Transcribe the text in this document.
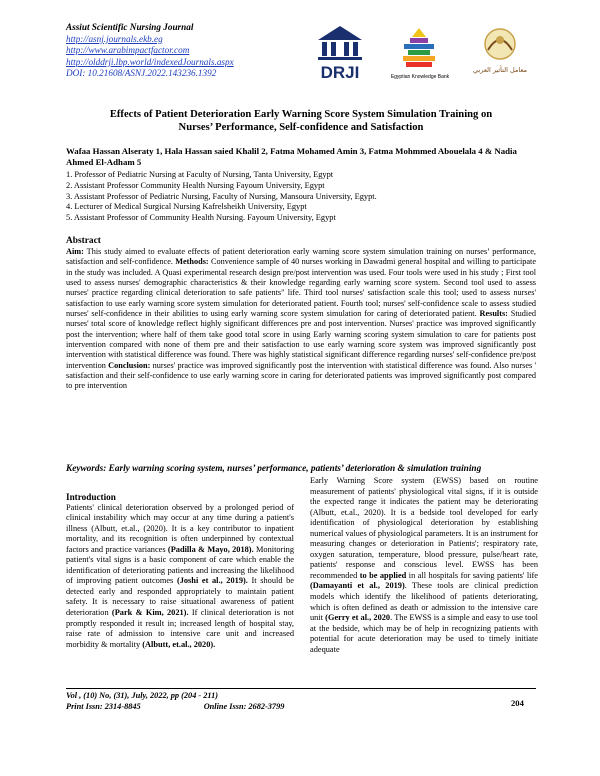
Assiut Scientific Nursing Journal
http://asnj.journals.ekb.eg
http://www.arabimpactfactor.com
http://olddrji.lbp.world/indexedJournals.aspx
DOI: 10.21608/ASNJ.2022.143236.1392	DRJI	Egyptian Knowledge Bank
معامل التأثير العربي
Effects of Patient Deterioration Early Warning Score System Simulation Training on
Nurses’ Performance, Self-confidence and Satisfaction
Wafaa Hassan Alseraty 1, Hala Hassan saied Khalil 2, Fatma Mohamed Amin 3, Fatma Mohmmed Abouelala 4 & Nadia Ahmed El-Adham 5
1. Professor of Pediatric Nursing at Faculty of Nursing, Tanta University, Egypt
2. Assistant Professor Community Health Nursing Fayoum University, Egypt
3. Assistant Professor of Pediatric Nursing, Faculty of Nursing, Mansoura University, Egypt.
4. Lecturer of Medical Surgical Nursing Kafrelsheikh University, Egypt
5. Assistant Professor of Community Health Nursing. Fayoum University, Egypt
Abstract
Aim: This study aimed to evaluate effects of patient deterioration early warning score system simulation training on nurses’ performance, satisfaction and self-confidence. Methods: Convenience sample of 40 nurses working in Dawadmi general hospital and willing to participate in the study was included. A Quasi experimental research design pre/post intervention was used. Four tools were used in his study ; First tool used to assess nurses' demographic characteristics & their knowledge regarding early warning score system. Second tool used to assess nurses' practice regarding clinical deterioration to safe patients" life. Third tool nurses' satisfaction scale this tool; used to assess nurses' satisfaction to use early warning score system simulation for deteriorated patient. Fourth tool; nurses' self-confidence scale to assess studied nurses' self-confidence in their abilities to using early warning score system simulation for caring of deteriorated patient. Results: Studied nurses' total score of knowledge reflect highly significant differences pre and post intervention. Nurses' practice was improved significantly post the intervention; where half of them take good total score in using Early warning scoring system simulation to care for patients post intervention compared with none of them pre and their satisfaction to use early warning score system was improved significantly post intervention with statistical difference was found. There was highly statistical significant difference regarding nurses' self-confidence pre/post intervention Conclusion: nurses' practice was improved significantly post the intervention with statistical difference was found. Also nurses ' satisfaction and their self-confidence to use early warning score in caring for deteriorated patients was improved significantly post compared to pre intervention
Keywords: Early warning scoring system, nurses’ performance, patients’ deterioration & simulation training
Introduction
Patients' clinical deterioration observed by a prolonged period of clinical instability which may occur at any time during a patient's illness (Albutt, et.al., (2020). It is a key contributor to inpatient mortality, and its recognition is often underpinned by contextual factors and practice variances (Padilla & Mayo, 2018). Monitoring patient's vital signs is a basic component of care which enable the identification of deteriorating patients and increasing the likelihood of improving patient outcomes (Joshi et al., 2019). It should be detected early and responded appropriately to maintain patient safety. It is necessary to raise situational awareness of patient deterioration (Park & Kim, 2021). If clinical deterioration is not promptly responded it result in; increased length of hospital stay, raise rate of admission to intensive care unit and increased morbidity & mortality (Albutt, et.al., 2020).
Early Warning Score system (EWSS) based on routine measurement of patients' physiological vital signs, if it is outside the expected range it indicates the patient may be deteriorating (Albutt, et.al., 2020). It is a bedside tool developed for early identification of physiological deterioration by establishing numerical values of physiological parameters. It is an instrument for measuring changes or deterioration in Patients'; respiratory rate, oxygen saturation, temperature, blood pressure, pulse/heart rate, patients' response and conscious level. EWSS has been recommended to be applied in all hospitals for saving patients' life (Damayanti et al., 2019). These tools are clinical prediction models which identify the likelihood of patients deteriorating, which is often defined as death or admission to the intensive care unit (Gerry et al., 2020. The EWSS is a simple and easy to use tool at the bedside, which may be of help in recognizing patients with potential for acute deterioration may be used to timely initiate adequate
Vol , (10) No, (31), July, 2022, pp (204 - 211)
Print Issn: 2314-8845	Online Issn: 2682-3799	204
